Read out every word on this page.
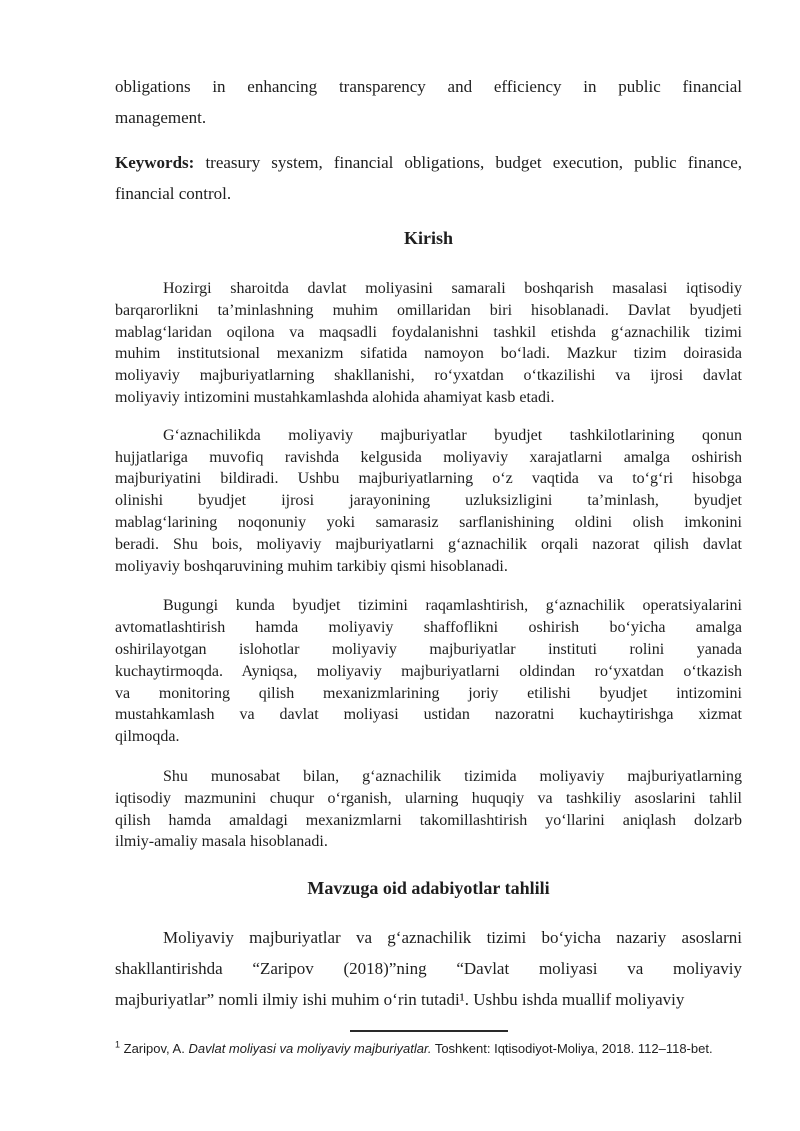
obligations in enhancing transparency and efficiency in public financial
management.
Keywords: treasury system, financial obligations, budget execution, public finance,
financial control.
Kirish
Hozirgi sharoitda davlat moliyasini samarali boshqarish masalasi iqtisodiy
barqarorlikni ta’minlashning muhim omillaridan biri hisoblanadi. Davlat byudjeti
mablagʻlaridan oqilona va maqsadli foydalanishni tashkil etishda gʻaznachilik tizimi
muhim institutsional mexanizm sifatida namoyon boʻladi. Mazkur tizim doirasida
moliyaviy majburiyatlarning shakllanishi, roʻyxatdan oʻtkazilishi va ijrosi davlat
moliyaviy intizomini mustahkamlashda alohida ahamiyat kasb etadi.
Gʻaznachilikda moliyaviy majburiyatlar byudjet tashkilotlarining qonun
hujjatlariga muvofiq ravishda kelgusida moliyaviy xarajatlarni amalga oshirish
majburiyatini bildiradi. Ushbu majburiyatlarning oʻz vaqtida va toʻgʻri hisobga
olinishi byudjet ijrosi jarayonining uzluksizligini ta’minlash, byudjet
mablagʻlarining noqonuniy yoki samarasiz sarflanishining oldini olish imkonini
beradi. Shu bois, moliyaviy majburiyatlarni gʻaznachilik orqali nazorat qilish davlat
moliyaviy boshqaruvining muhim tarkibiy qismi hisoblanadi.
Bugungi kunda byudjet tizimini raqamlashtirish, gʻaznachilik operatsiyalarini
avtomatlashtirish hamda moliyaviy shaffoflikni oshirish boʻyicha amalga
oshirilayotgan islohotlar moliyaviy majburiyatlar instituti rolini yanada
kuchaytirmoqda. Ayniqsa, moliyaviy majburiyatlarni oldindan roʻyxatdan oʻtkazish
va monitoring qilish mexanizmlarining joriy etilishi byudjet intizomini
mustahkamlash va davlat moliyasi ustidan nazoratni kuchaytirishga xizmat
qilmoqda.
Shu munosabat bilan, gʻaznachilik tizimida moliyaviy majburiyatlarning
iqtisodiy mazmunini chuqur oʻrganish, ularning huquqiy va tashkiliy asoslarini tahlil
qilish hamda amaldagi mexanizmlarni takomillashtirish yoʻllarini aniqlash dolzarb
ilmiy-amaliy masala hisoblanadi.
Mavzuga oid adabiyotlar tahlili
Moliyaviy majburiyatlar va gʻaznachilik tizimi boʻyicha nazariy asoslarni
shakllantirishda “Zaripov (2018)”ning “Davlat moliyasi va moliyaviy
majburiyatlar” nomli ilmiy ishi muhim oʻrin tutadi¹. Ushbu ishda muallif moliyaviy
$^1$ Zaripov, A. Davlat moliyasi va moliyaviy majburiyatlar. Toshkent: Iqtisodiyot-Moliya, 2018. 112–118-bet.
